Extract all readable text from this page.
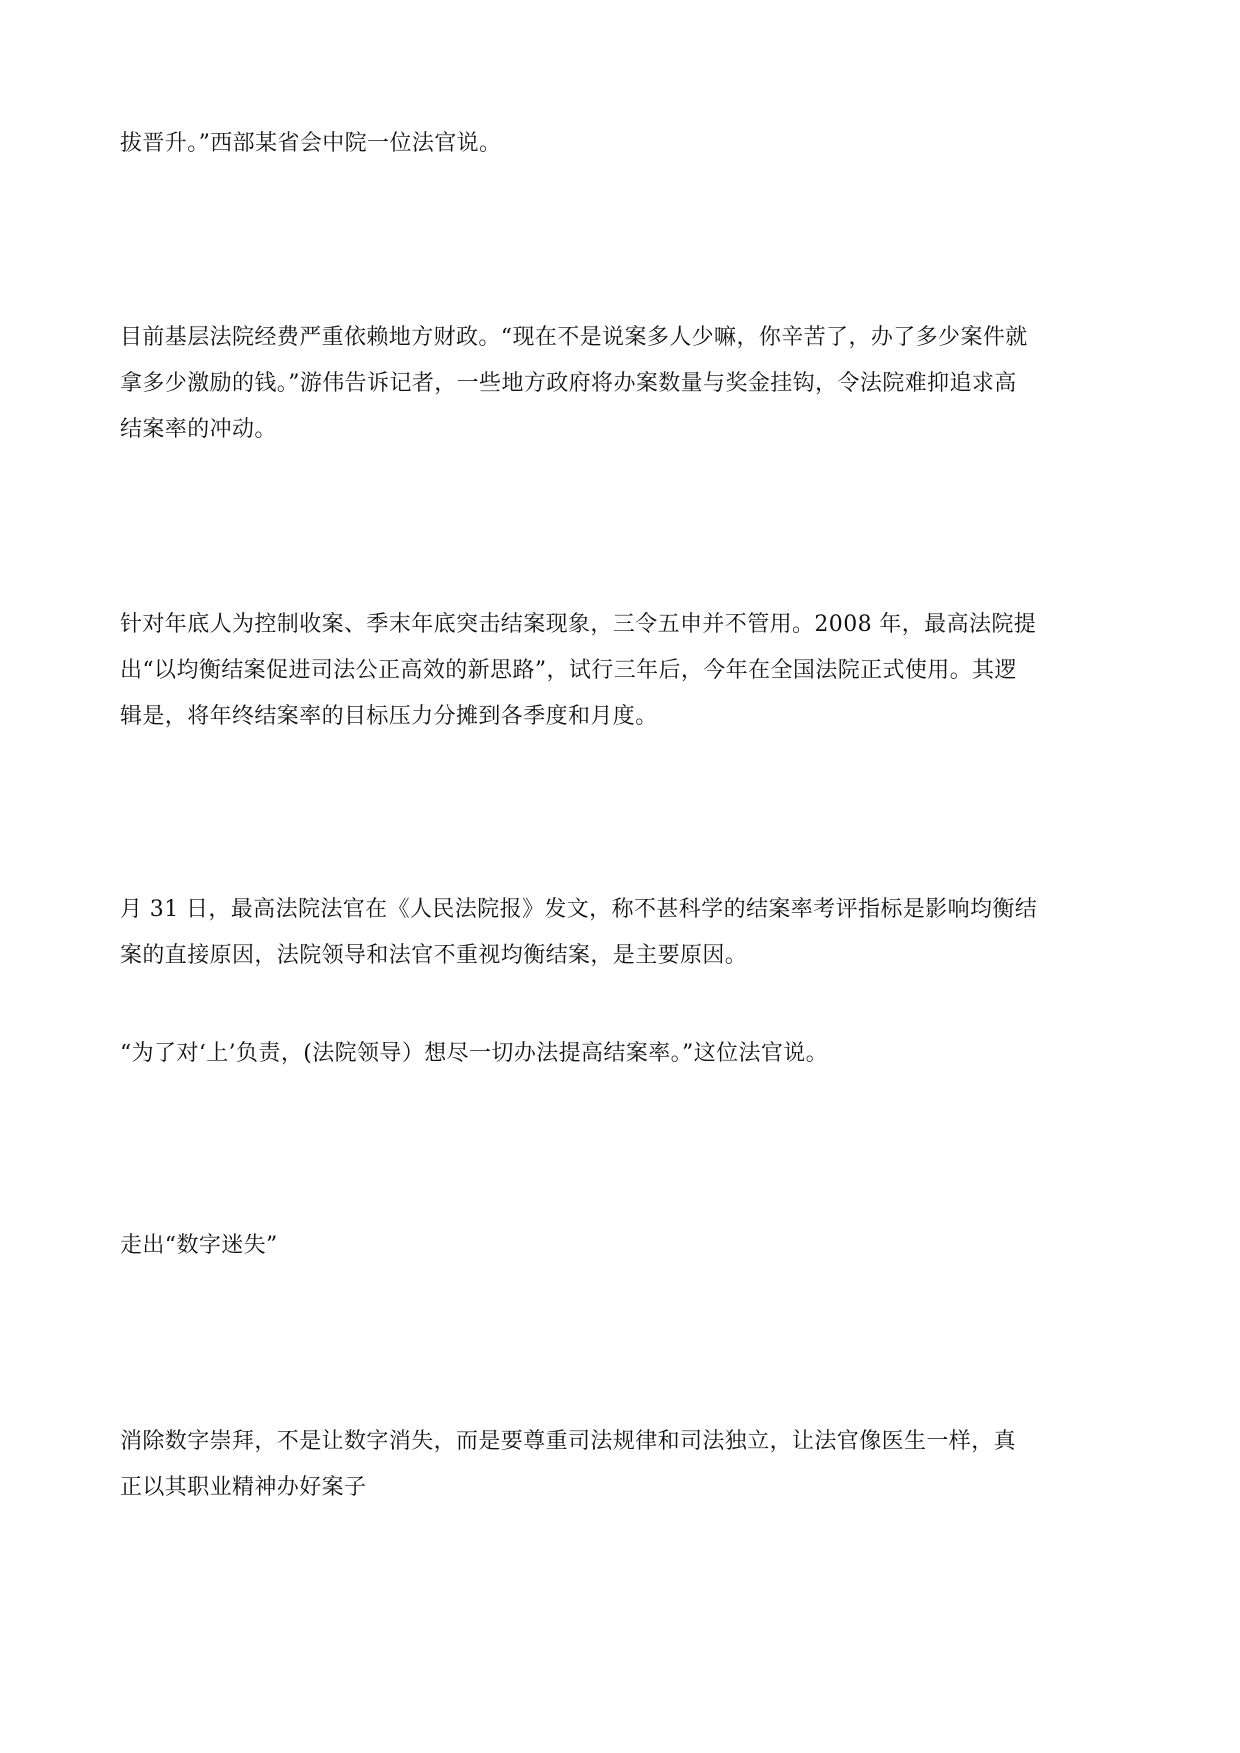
拔晋升。”西部某省会中院一位法官说。

目前基层法院经费严重依赖地方财政。“现在不是说案多人少嘛，你辛苦了，办了多少案件就
拿多少激励的钱。”游伟告诉记者，一些地方政府将办案数量与奖金挂钩，令法院难抑追求高
结案率的冲动。

针对年底人为控制收案、季末年底突击结案现象，三令五申并不管用。2008 年，最高法院提
出“以均衡结案促进司法公正高效的新思路”，试行三年后，今年在全国法院正式使用。其逻
辑是，将年终结案率的目标压力分摊到各季度和月度。

月 31 日，最高法院法官在《人民法院报》发文，称不甚科学的结案率考评指标是影响均衡结
案的直接原因，法院领导和法官不重视均衡结案，是主要原因。

“为了对‘上’负责，(法院领导）想尽一切办法提高结案率。”这位法官说。

走出“数字迷失”

消除数字崇拜，不是让数字消失，而是要尊重司法规律和司法独立，让法官像医生一样，真
正以其职业精神办好案子
